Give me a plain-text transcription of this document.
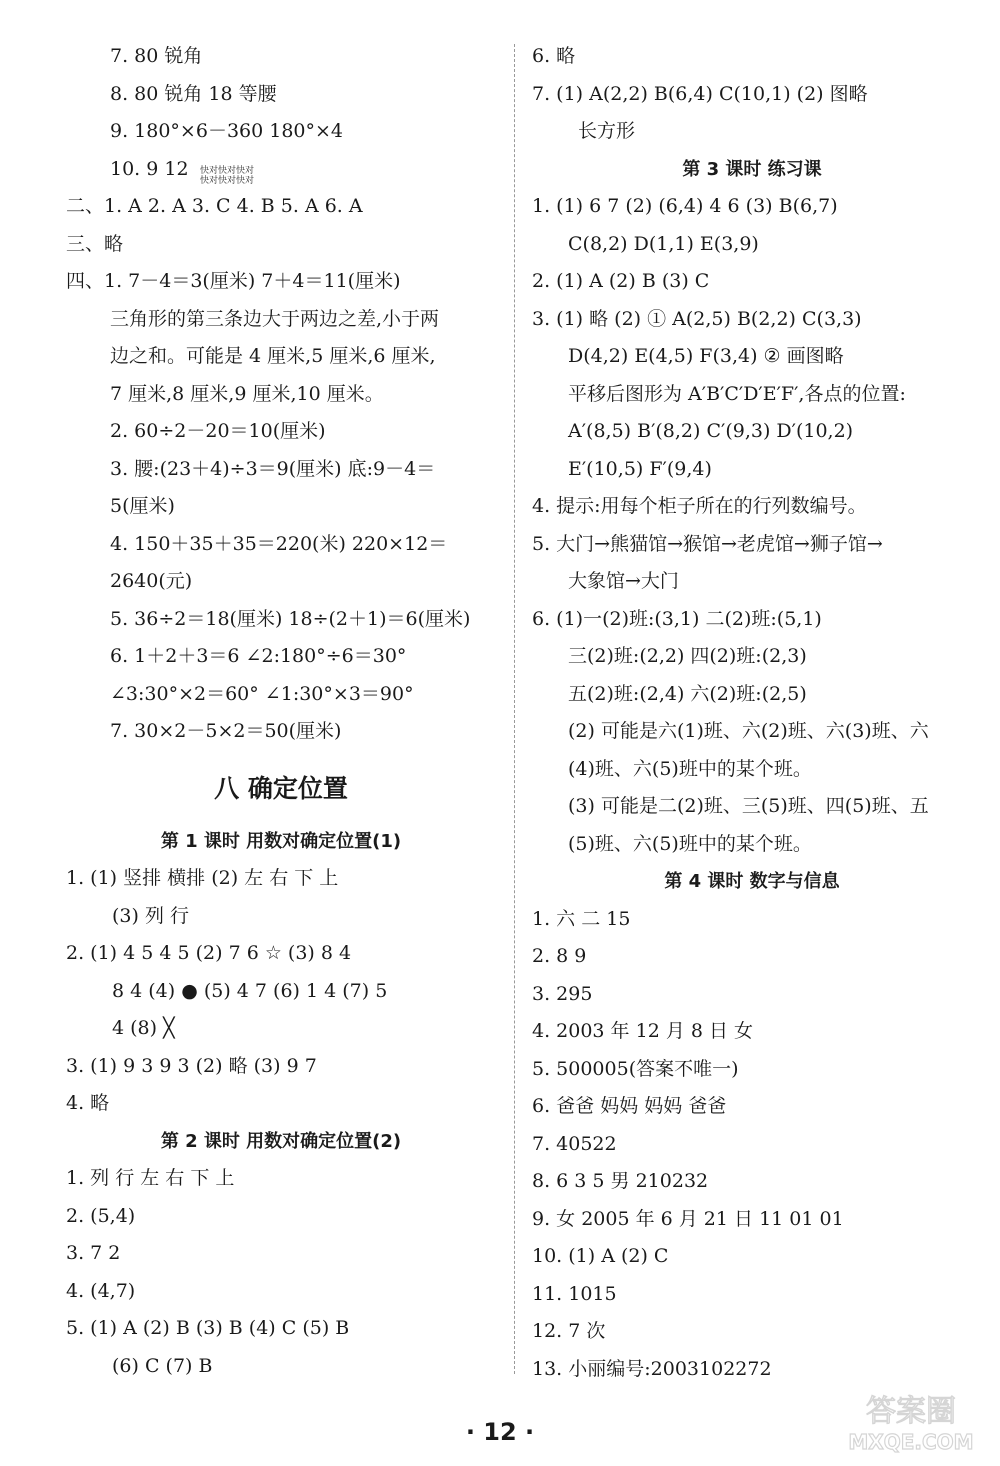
7. 80 锐角
8. 80 锐角 18 等腰
9. 180°×6－360 180°×4
10. 9 12
二、1. A 2. A 3. C 4. B 5. A 6. A
三、略
四、1. 7－4＝3(厘米) 7＋4＝11(厘米)
三角形的第三条边大于两边之差,小于两
边之和。可能是 4 厘米,5 厘米,6 厘米,
7 厘米,8 厘米,9 厘米,10 厘米。
2. 60÷2－20＝10(厘米)
3. 腰:(23＋4)÷3＝9(厘米) 底:9－4＝
5(厘米)
4. 150＋35＋35＝220(米) 220×12＝
2640(元)
5. 36÷2＝18(厘米) 18÷(2＋1)＝6(厘米)
6. 1＋2＋3＝6 ∠2:180°÷6＝30°
∠3:30°×2＝60° ∠1:30°×3＝90°
7. 30×2－5×2＝50(厘米)
八 确定位置
第 1 课时 用数对确定位置(1)
1. (1) 竖排 横排 (2) 左 右 下 上
(3) 列 行
2. (1) 4 5 4 5 (2) 7 6 ☆ (3) 8 4
8 4 (4) ● (5) 4 7 (6) 1 4 (7) 5
4 (8) ╳
3. (1) 9 3 9 3 (2) 略 (3) 9 7
4. 略
第 2 课时 用数对确定位置(2)
1. 列 行 左 右 下 上
2. (5,4)
3. 7 2
4. (4,7)
5. (1) A (2) B (3) B (4) C (5) B
(6) C (7) B
快对快对快对
快对快对快对
6. 略
7. (1) A(2,2) B(6,4) C(10,1) (2) 图略
长方形
第 3 课时 练习课
1. (1) 6 7 (2) (6,4) 4 6 (3) B(6,7)
C(8,2) D(1,1) E(3,9)
2. (1) A (2) B (3) C
3. (1) 略 (2) ① A(2,5) B(2,2) C(3,3)
D(4,2) E(4,5) F(3,4) ② 画图略
平移后图形为 A′B′C′D′E′F′,各点的位置:
A′(8,5) B′(8,2) C′(9,3) D′(10,2)
E′(10,5) F′(9,4)
4. 提示:用每个柜子所在的行列数编号。
5. 大门→熊猫馆→猴馆→老虎馆→狮子馆→
大象馆→大门
6. (1)一(2)班:(3,1) 二(2)班:(5,1)
三(2)班:(2,2) 四(2)班:(2,3)
五(2)班:(2,4) 六(2)班:(2,5)
(2) 可能是六(1)班、六(2)班、六(3)班、六
(4)班、六(5)班中的某个班。
(3) 可能是二(2)班、三(5)班、四(5)班、五
(5)班、六(5)班中的某个班。
第 4 课时 数字与信息
1. 六 二 15
2. 8 9
3. 295
4. 2003 年 12 月 8 日 女
5. 500005(答案不唯一)
6. 爸爸 妈妈 妈妈 爸爸
7. 40522
8. 6 3 5 男 210232
9. 女 2005 年 6 月 21 日 11 01 01
10. (1) A (2) C
11. 1015
12. 7 次
13. 小丽编号:2003102272
· 12 ·
答案圈
MXQE.COM
